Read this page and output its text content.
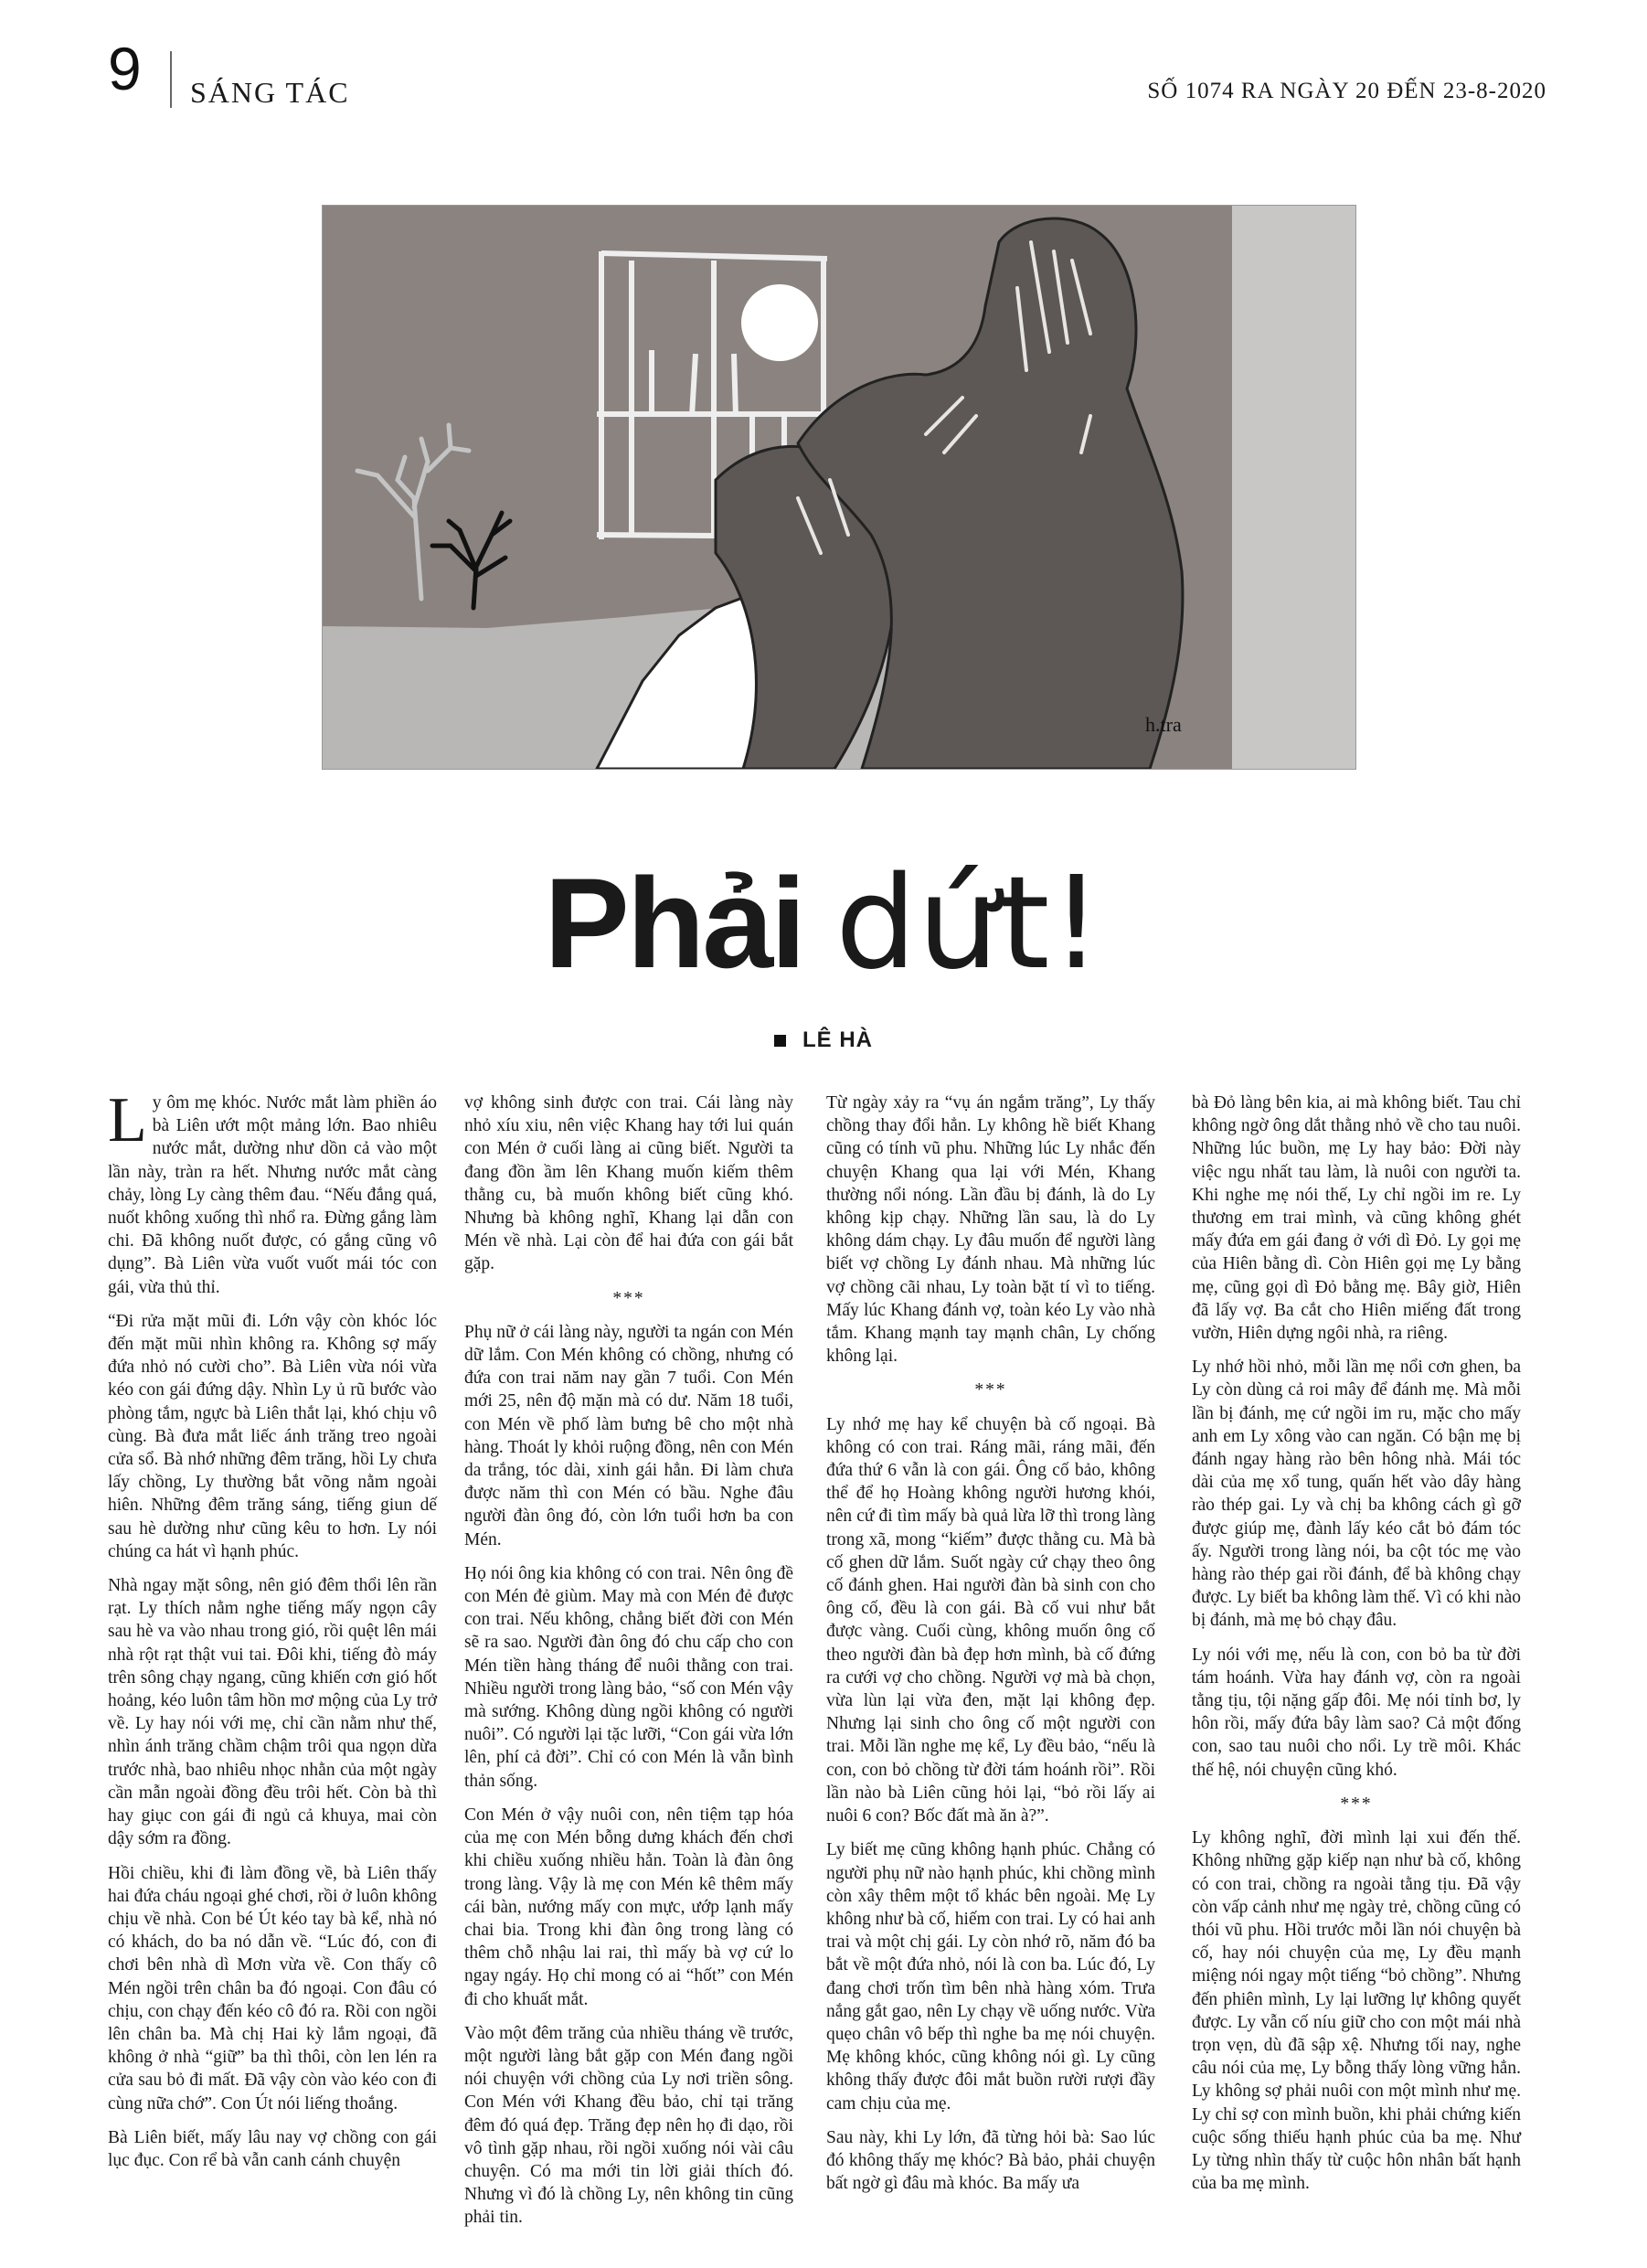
9 SÁNG TÁC	SỐ 1074 RA NGÀY 20 ĐẾN 23-8-2020
h.tra
Phải dứt!
LÊ HÀ

Ly ôm mẹ khóc. Nước mắt làm phiền áo bà Liên ướt một mảng lớn. Bao nhiêu nước mắt, dường như dồn cả vào một lần này, tràn ra hết. Nhưng nước mắt càng chảy, lòng Ly càng thêm đau. “Nếu đắng quá, nuốt không xuống thì nhổ ra. Đừng gắng làm chi. Đã không nuốt được, có gắng cũng vô dụng”. Bà Liên vừa vuốt vuốt mái tóc con gái, vừa thủ thỉ.

“Đi rửa mặt mũi đi. Lớn vậy còn khóc lóc đến mặt mũi nhìn không ra. Không sợ mấy đứa nhỏ nó cười cho”. Bà Liên vừa nói vừa kéo con gái đứng dậy. Nhìn Ly ủ rũ bước vào phòng tắm, ngực bà Liên thắt lại, khó chịu vô cùng. Bà đưa mắt liếc ánh trăng treo ngoài cửa sổ. Bà nhớ những đêm trăng, hồi Ly chưa lấy chồng, Ly thường bắt võng nằm ngoài hiên. Những đêm trăng sáng, tiếng giun dế sau hè dường như cũng kêu to hơn. Ly nói chúng ca hát vì hạnh phúc.

Nhà ngay mặt sông, nên gió đêm thổi lên rần rạt. Ly thích nằm nghe tiếng mấy ngọn cây sau hè va vào nhau trong gió, rồi quệt lên mái nhà rột rạt thật vui tai. Đôi khi, tiếng đò máy trên sông chạy ngang, cũng khiến cơn gió hốt hoảng, kéo luôn tâm hồn mơ mộng của Ly trở về. Ly hay nói với mẹ, chỉ cần nằm như thế, nhìn ánh trăng chầm chậm trôi qua ngọn dừa trước nhà, bao nhiêu nhọc nhằn của một ngày cần mẫn ngoài đồng đều trôi hết. Còn bà thì hay giục con gái đi ngủ cả khuya, mai còn dậy sớm ra đồng.

Hồi chiều, khi đi làm đồng về, bà Liên thấy hai đứa cháu ngoại ghé chơi, rồi ở luôn không chịu về nhà. Con bé Út kéo tay bà kể, nhà nó có khách, do ba nó dẫn về. “Lúc đó, con đi chơi bên nhà dì Mơn vừa về. Con thấy cô Mén ngồi trên chân ba đó ngoại. Con đâu có chịu, con chạy đến kéo cô đó ra. Rồi con ngồi lên chân ba. Mà chị Hai kỳ lắm ngoại, đã không ở nhà “giữ” ba thì thôi, còn len lén ra cửa sau bỏ đi mất. Đã vậy còn vào kéo con đi cùng nữa chớ”. Con Út nói liếng thoắng.

Bà Liên biết, mấy lâu nay vợ chồng con gái lục đục. Con rể bà vẫn canh cánh chuyện

vợ không sinh được con trai. Cái làng này nhỏ xíu xiu, nên việc Khang hay tới lui quán con Mén ở cuối làng ai cũng biết. Người ta đang đồn ầm lên Khang muốn kiếm thêm thằng cu, bà muốn không biết cũng khó. Nhưng bà không nghĩ, Khang lại dẫn con Mén về nhà. Lại còn để hai đứa con gái bắt gặp.

***

Phụ nữ ở cái làng này, người ta ngán con Mén dữ lắm. Con Mén không có chồng, nhưng có đứa con trai năm nay gần 7 tuổi. Con Mén mới 25, nên độ mặn mà có dư. Năm 18 tuổi, con Mén về phố làm bưng bê cho một nhà hàng. Thoát ly khỏi ruộng đồng, nên con Mén da trắng, tóc dài, xinh gái hẳn. Đi làm chưa được năm thì con Mén có bầu. Nghe đâu người đàn ông đó, còn lớn tuổi hơn ba con Mén.

Họ nói ông kia không có con trai. Nên ông đề con Mén đẻ giùm. May mà con Mén đẻ được con trai. Nếu không, chẳng biết đời con Mén sẽ ra sao. Người đàn ông đó chu cấp cho con Mén tiền hàng tháng để nuôi thằng con trai. Nhiều người trong làng bảo, “số con Mén vậy mà sướng. Không dùng ngồi không có người nuôi”. Có người lại tặc lưỡi, “Con gái vừa lớn lên, phí cả đời”. Chỉ có con Mén là vẫn bình thản sống.

Con Mén ở vậy nuôi con, nên tiệm tạp hóa của mẹ con Mén bỗng dưng khách đến chơi khi chiều xuống nhiều hẳn. Toàn là đàn ông trong làng. Vậy là mẹ con Mén kê thêm mấy cái bàn, nướng mấy con mực, ướp lạnh mấy chai bia. Trong khi đàn ông trong làng có thêm chỗ nhậu lai rai, thì mấy bà vợ cứ lo ngay ngáy. Họ chỉ mong có ai “hốt” con Mén đi cho khuất mắt.

Vào một đêm trăng của nhiều tháng về trước, một người làng bắt gặp con Mén đang ngồi nói chuyện với chồng của Ly nơi triền sông. Con Mén với Khang đều bảo, chỉ tại trăng đêm đó quá đẹp. Trăng đẹp nên họ đi dạo, rồi vô tình gặp nhau, rồi ngồi xuống nói vài câu chuyện. Có ma mới tin lời giải thích đó. Nhưng vì đó là chồng Ly, nên không tin cũng phải tin.

Từ ngày xảy ra “vụ án ngắm trăng”, Ly thấy chồng thay đổi hẳn. Ly không hề biết Khang cũng có tính vũ phu. Những lúc Ly nhắc đến chuyện Khang qua lại với Mén, Khang thường nổi nóng. Lần đầu bị đánh, là do Ly không kịp chạy. Những lần sau, là do Ly không dám chạy. Ly đâu muốn để người làng biết vợ chồng Ly đánh nhau. Mà những lúc vợ chồng cãi nhau, Ly toàn bặt tí vì to tiếng. Mấy lúc Khang đánh vợ, toàn kéo Ly vào nhà tắm. Khang mạnh tay mạnh chân, Ly chống không lại.

***

Ly nhớ mẹ hay kể chuyện bà cố ngoại. Bà không có con trai. Ráng mãi, ráng mãi, đến đứa thứ 6 vẫn là con gái. Ông cố bảo, không thể để họ Hoàng không người hương khói, nên cứ đi tìm mấy bà quả lừa lỡ thì trong làng trong xã, mong “kiếm” được thằng cu. Mà bà cố ghen dữ lắm. Suốt ngày cứ chạy theo ông cố đánh ghen. Hai người đàn bà sinh con cho ông cố, đều là con gái. Bà cố vui như bắt được vàng. Cuối cùng, không muốn ông cố theo người đàn bà đẹp hơn mình, bà cố đứng ra cưới vợ cho chồng. Người vợ mà bà chọn, vừa lùn lại vừa đen, mặt lại không đẹp. Nhưng lại sinh cho ông cố một người con trai. Mỗi lần nghe mẹ kể, Ly đều bảo, “nếu là con, con bỏ chồng từ đời tám hoánh rồi”. Rồi lần nào bà Liên cũng hỏi lại, “bỏ rồi lấy ai nuôi 6 con? Bốc đất mà ăn à?”.

Ly biết mẹ cũng không hạnh phúc. Chẳng có người phụ nữ nào hạnh phúc, khi chồng mình còn xây thêm một tổ khác bên ngoài. Mẹ Ly không như bà cố, hiếm con trai. Ly có hai anh trai và một chị gái. Ly còn nhớ rõ, năm đó ba bắt về một đứa nhỏ, nói là con ba. Lúc đó, Ly đang chơi trốn tìm bên nhà hàng xóm. Trưa nắng gắt gao, nên Ly chạy về uống nước. Vừa quẹo chân vô bếp thì nghe ba mẹ nói chuyện. Mẹ không khóc, cũng không nói gì. Ly cũng không thấy được đôi mắt buồn rười rượi đầy cam chịu của mẹ.

Sau này, khi Ly lớn, đã từng hỏi bà: Sao lúc đó không thấy mẹ khóc? Bà bảo, phải chuyện bất ngờ gì đâu mà khóc. Ba mấy ưa

bà Đỏ làng bên kia, ai mà không biết. Tau chỉ không ngờ ông dắt thằng nhỏ về cho tau nuôi. Những lúc buồn, mẹ Ly hay bảo: Đời này việc ngu nhất tau làm, là nuôi con người ta. Khi nghe mẹ nói thế, Ly chỉ ngồi im re. Ly thương em trai mình, và cũng không ghét mấy đứa em gái đang ở với dì Đỏ. Ly gọi mẹ của Hiên bằng dì. Còn Hiên gọi mẹ Ly bằng mẹ, cũng gọi dì Đỏ bằng mẹ. Bây giờ, Hiên đã lấy vợ. Ba cắt cho Hiên miếng đất trong vườn, Hiên dựng ngôi nhà, ra riêng.

Ly nhớ hồi nhỏ, mỗi lần mẹ nổi cơn ghen, ba Ly còn dùng cả roi mây để đánh mẹ. Mà mỗi lần bị đánh, mẹ cứ ngồi im ru, mặc cho mấy anh em Ly xông vào can ngăn. Có bận mẹ bị đánh ngay hàng rào bên hông nhà. Mái tóc dài của mẹ xổ tung, quấn hết vào dây hàng rào thép gai. Ly và chị ba không cách gì gỡ được giúp mẹ, đành lấy kéo cắt bỏ đám tóc ấy. Người trong làng nói, ba cột tóc mẹ vào hàng rào thép gai rồi đánh, để bà không chạy được. Ly biết ba không làm thế. Vì có khi nào bị đánh, mà mẹ bỏ chạy đâu.

Ly nói với mẹ, nếu là con, con bỏ ba từ đời tám hoánh. Vừa hay đánh vợ, còn ra ngoài tằng tịu, tội nặng gấp đôi. Mẹ nói tỉnh bơ, ly hôn rồi, mấy đứa bây làm sao? Cả một đống con, sao tau nuôi cho nổi. Ly trề môi. Khác thế hệ, nói chuyện cũng khó.

***

Ly không nghĩ, đời mình lại xui đến thế. Không những gặp kiếp nạn như bà cố, không có con trai, chồng ra ngoài tằng tịu. Đã vậy còn vấp cảnh như mẹ ngày trẻ, chồng cũng có thói vũ phu. Hồi trước mỗi lần nói chuyện bà cố, hay nói chuyện của mẹ, Ly đều mạnh miệng nói ngay một tiếng “bỏ chồng”. Nhưng đến phiên mình, Ly lại lưỡng lự không quyết được. Ly vẫn cố níu giữ cho con một mái nhà trọn vẹn, dù đã sập xệ. Nhưng tối nay, nghe câu nói của mẹ, Ly bỗng thấy lòng vững hẳn. Ly không sợ phải nuôi con một mình như mẹ. Ly chỉ sợ con mình buồn, khi phải chứng kiến cuộc sống thiếu hạnh phúc của ba mẹ. Như Ly từng nhìn thấy từ cuộc hôn nhân bất hạnh của ba mẹ mình.
